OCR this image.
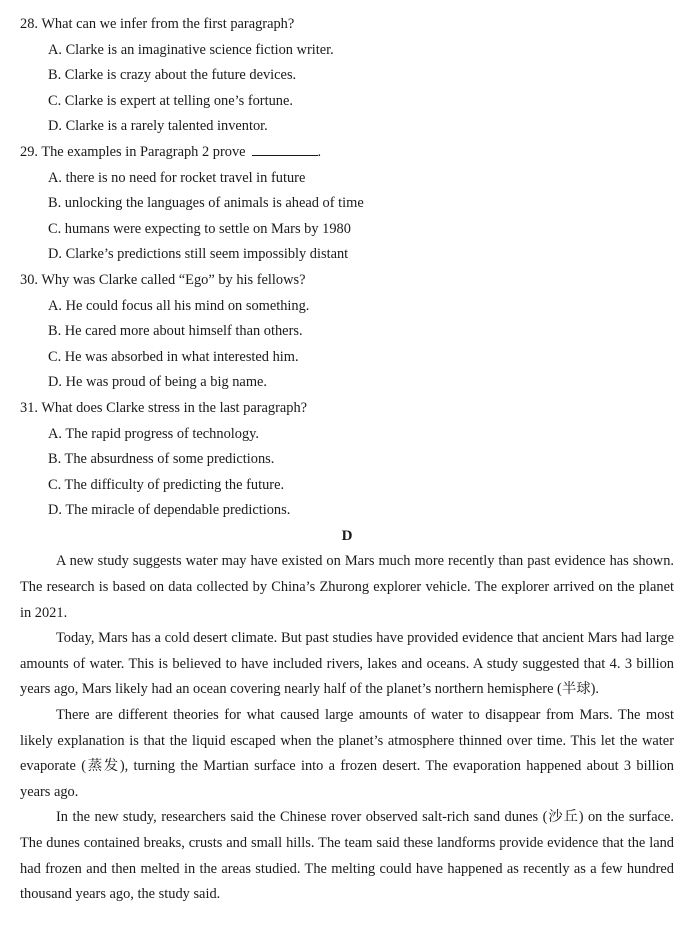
28. What can we infer from the first paragraph?
A. Clarke is an imaginative science fiction writer.
B. Clarke is crazy about the future devices.
C. Clarke is expert at telling one’s fortune.
D. Clarke is a rarely talented inventor.
29. The examples in Paragraph 2 prove	.
A. there is no need for rocket travel in future
B. unlocking the languages of animals is ahead of time
C. humans were expecting to settle on Mars by 1980
D. Clarke’s predictions still seem impossibly distant
30. Why was Clarke called “Ego” by his fellows?
A. He could focus all his mind on something.
B. He cared more about himself than others.
C. He was absorbed in what interested him.
D. He was proud of being a big name.
31. What does Clarke stress in the last paragraph?
A. The rapid progress of technology.
B. The absurdness of some predictions.
C. The difficulty of predicting the future.
D. The miracle of dependable predictions.
D

A new study suggests water may have existed on Mars much more recently than past evidence has shown. The research is based on data collected by China’s Zhurong explorer vehicle. The explorer arrived on the planet in 2021.

Today, Mars has a cold desert climate. But past studies have provided evidence that ancient Mars had large amounts of water. This is believed to have included rivers, lakes and oceans. A study suggested that 4. 3 billion years ago, Mars likely had an ocean covering nearly half of the planet’s northern hemisphere (半球).

There are different theories for what caused large amounts of water to disappear from Mars. The most likely explanation is that the liquid escaped when the planet’s atmosphere thinned over time. This let the water evaporate (蒸发), turning the Martian surface into a frozen desert. The evaporation happened about 3 billion years ago.

In the new study, researchers said the Chinese rover observed salt-rich sand dunes (沙丘) on the surface. The dunes contained breaks, crusts and small hills. The team said these landforms provide evidence that the land had frozen and then melted in the areas studied. The melting could have happened as recently as a few hundred thousand years ago, the study said.
